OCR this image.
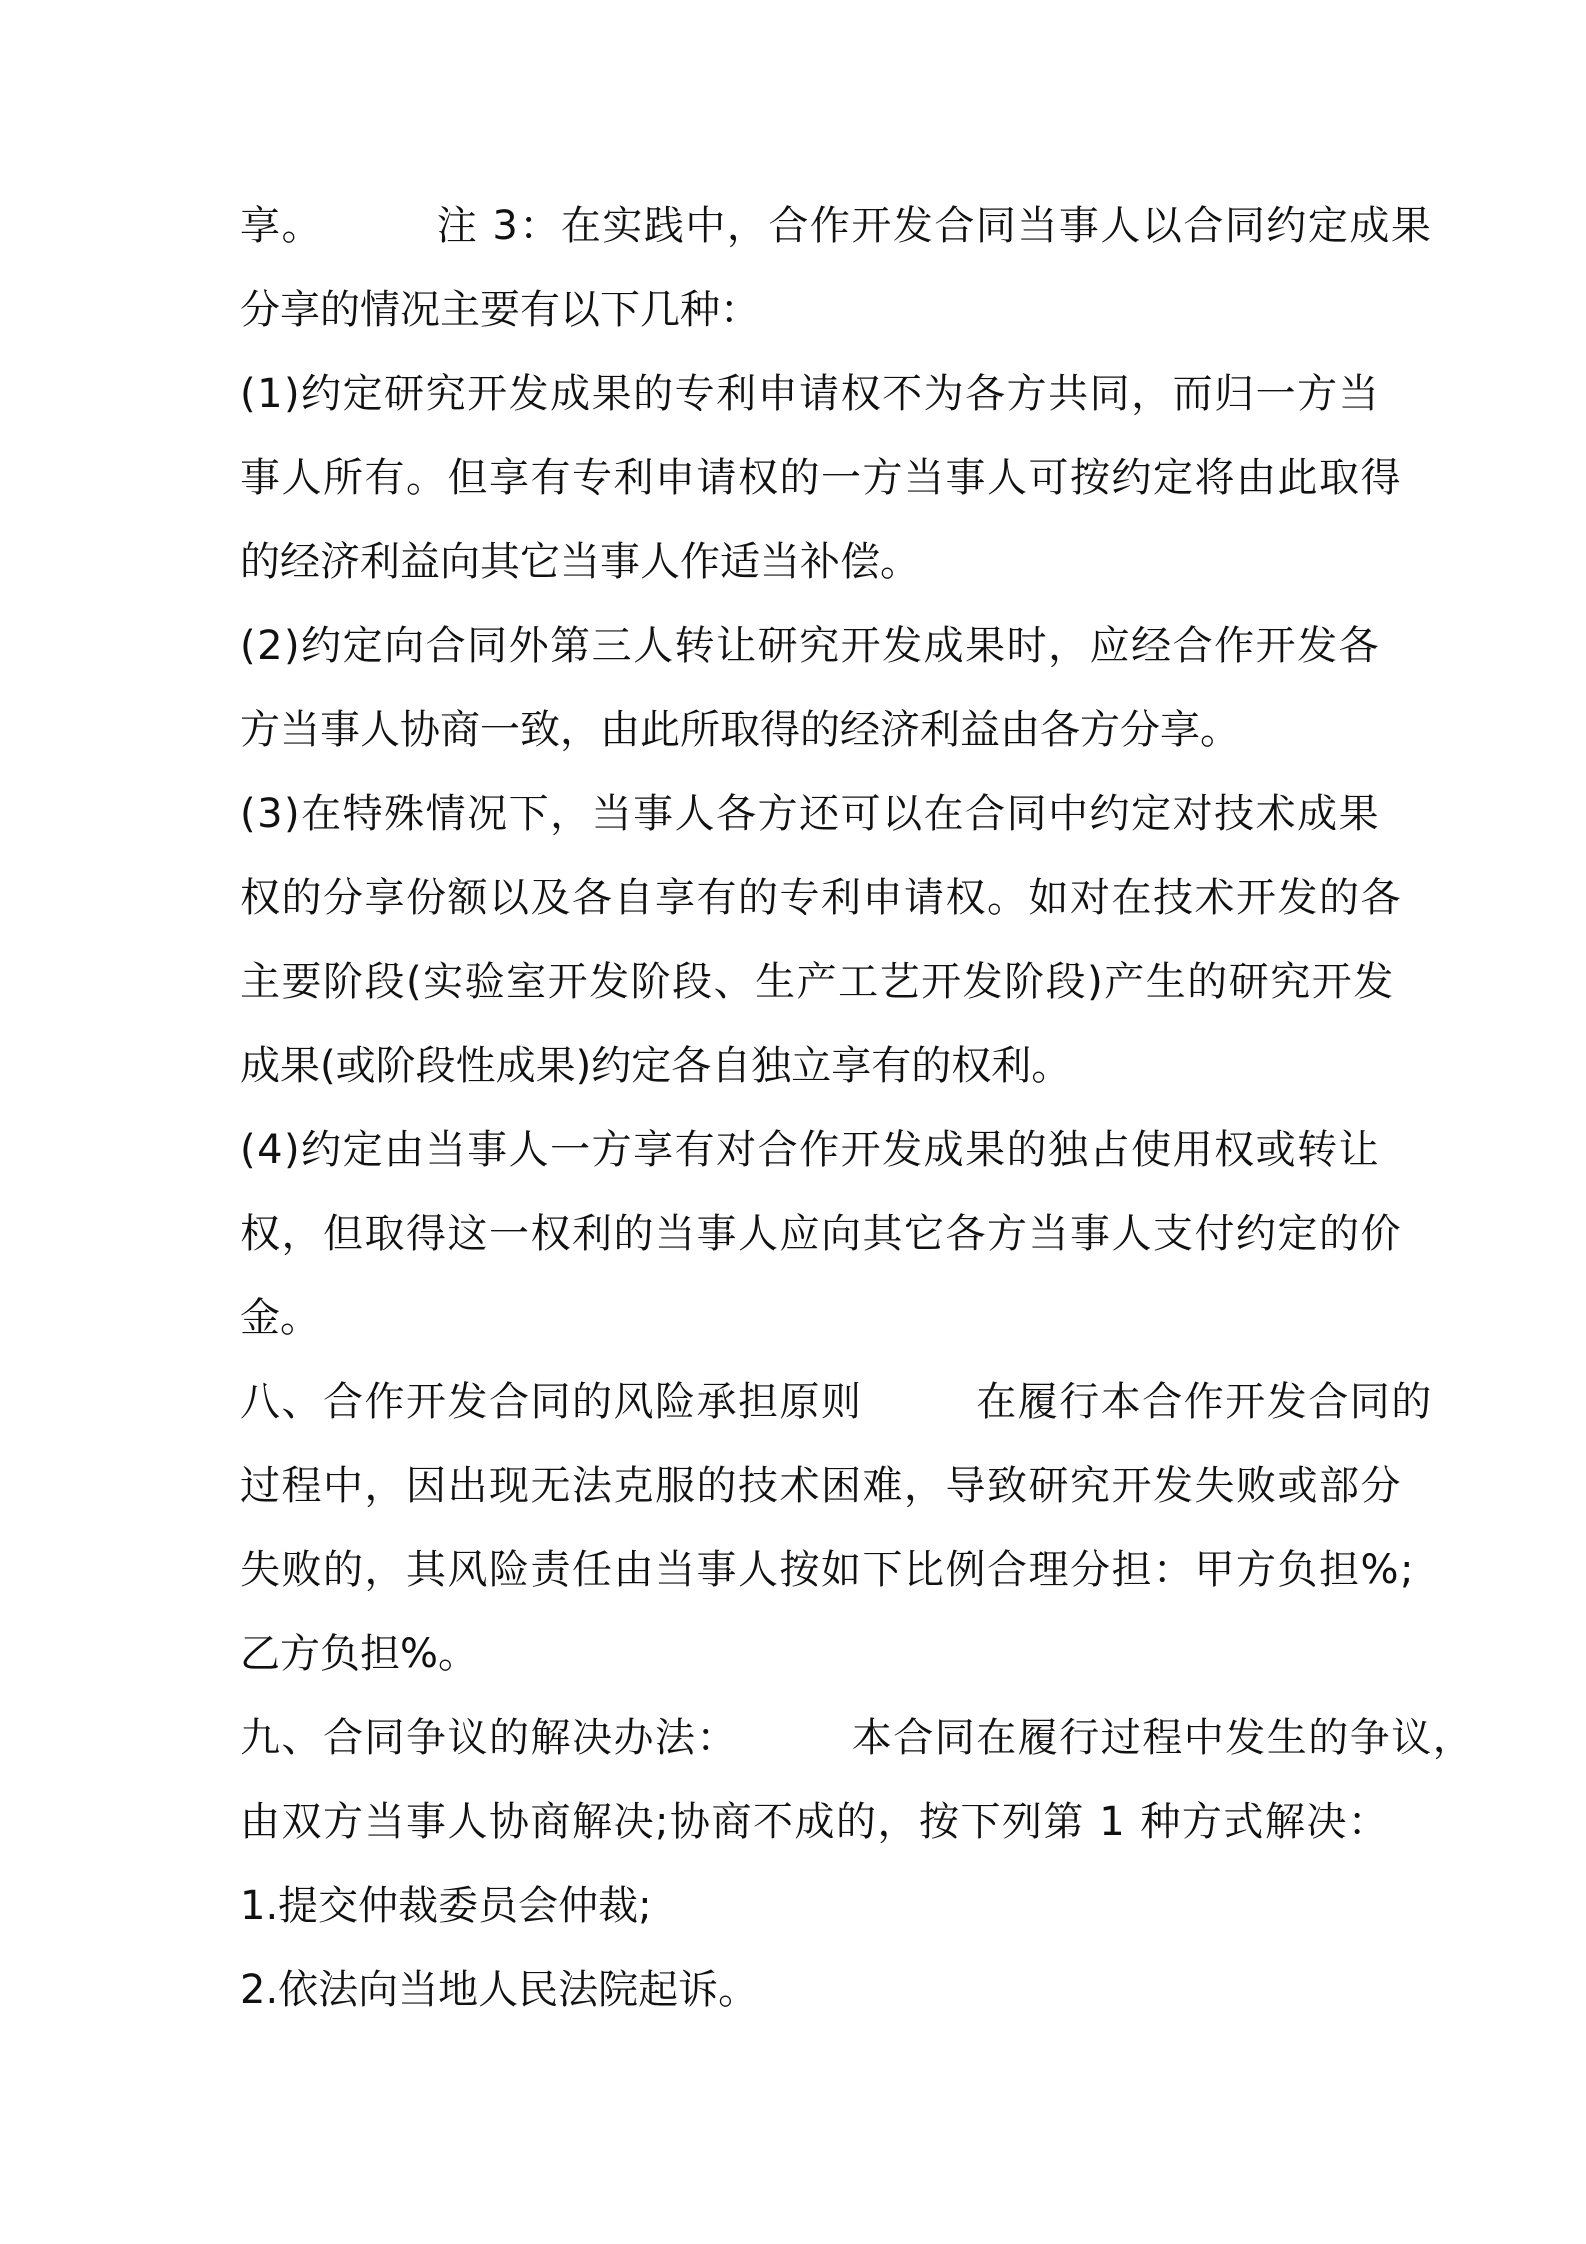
享。        注 3：在实践中，合作开发合同当事人以合同约定成果
分享的情况主要有以下几种：
(1)约定研究开发成果的专利申请权不为各方共同，而归一方当
事人所有。但享有专利申请权的一方当事人可按约定将由此取得
的经济利益向其它当事人作适当补偿。
(2)约定向合同外第三人转让研究开发成果时，应经合作开发各
方当事人协商一致，由此所取得的经济利益由各方分享。
(3)在特殊情况下，当事人各方还可以在合同中约定对技术成果
权的分享份额以及各自享有的专利申请权。如对在技术开发的各
主要阶段(实验室开发阶段、生产工艺开发阶段)产生的研究开发
成果(或阶段性成果)约定各自独立享有的权利。
(4)约定由当事人一方享有对合作开发成果的独占使用权或转让
权，但取得这一权利的当事人应向其它各方当事人支付约定的价
金。
八、合作开发合同的风险承担原则        在履行本合作开发合同的
过程中，因出现无法克服的技术困难，导致研究开发失败或部分
失败的，其风险责任由当事人按如下比例合理分担：甲方负担%;
乙方负担%。
九、合同争议的解决办法：        本合同在履行过程中发生的争议，
由双方当事人协商解决;协商不成的，按下列第 1 种方式解决：
1.提交仲裁委员会仲裁;
2.依法向当地人民法院起诉。
